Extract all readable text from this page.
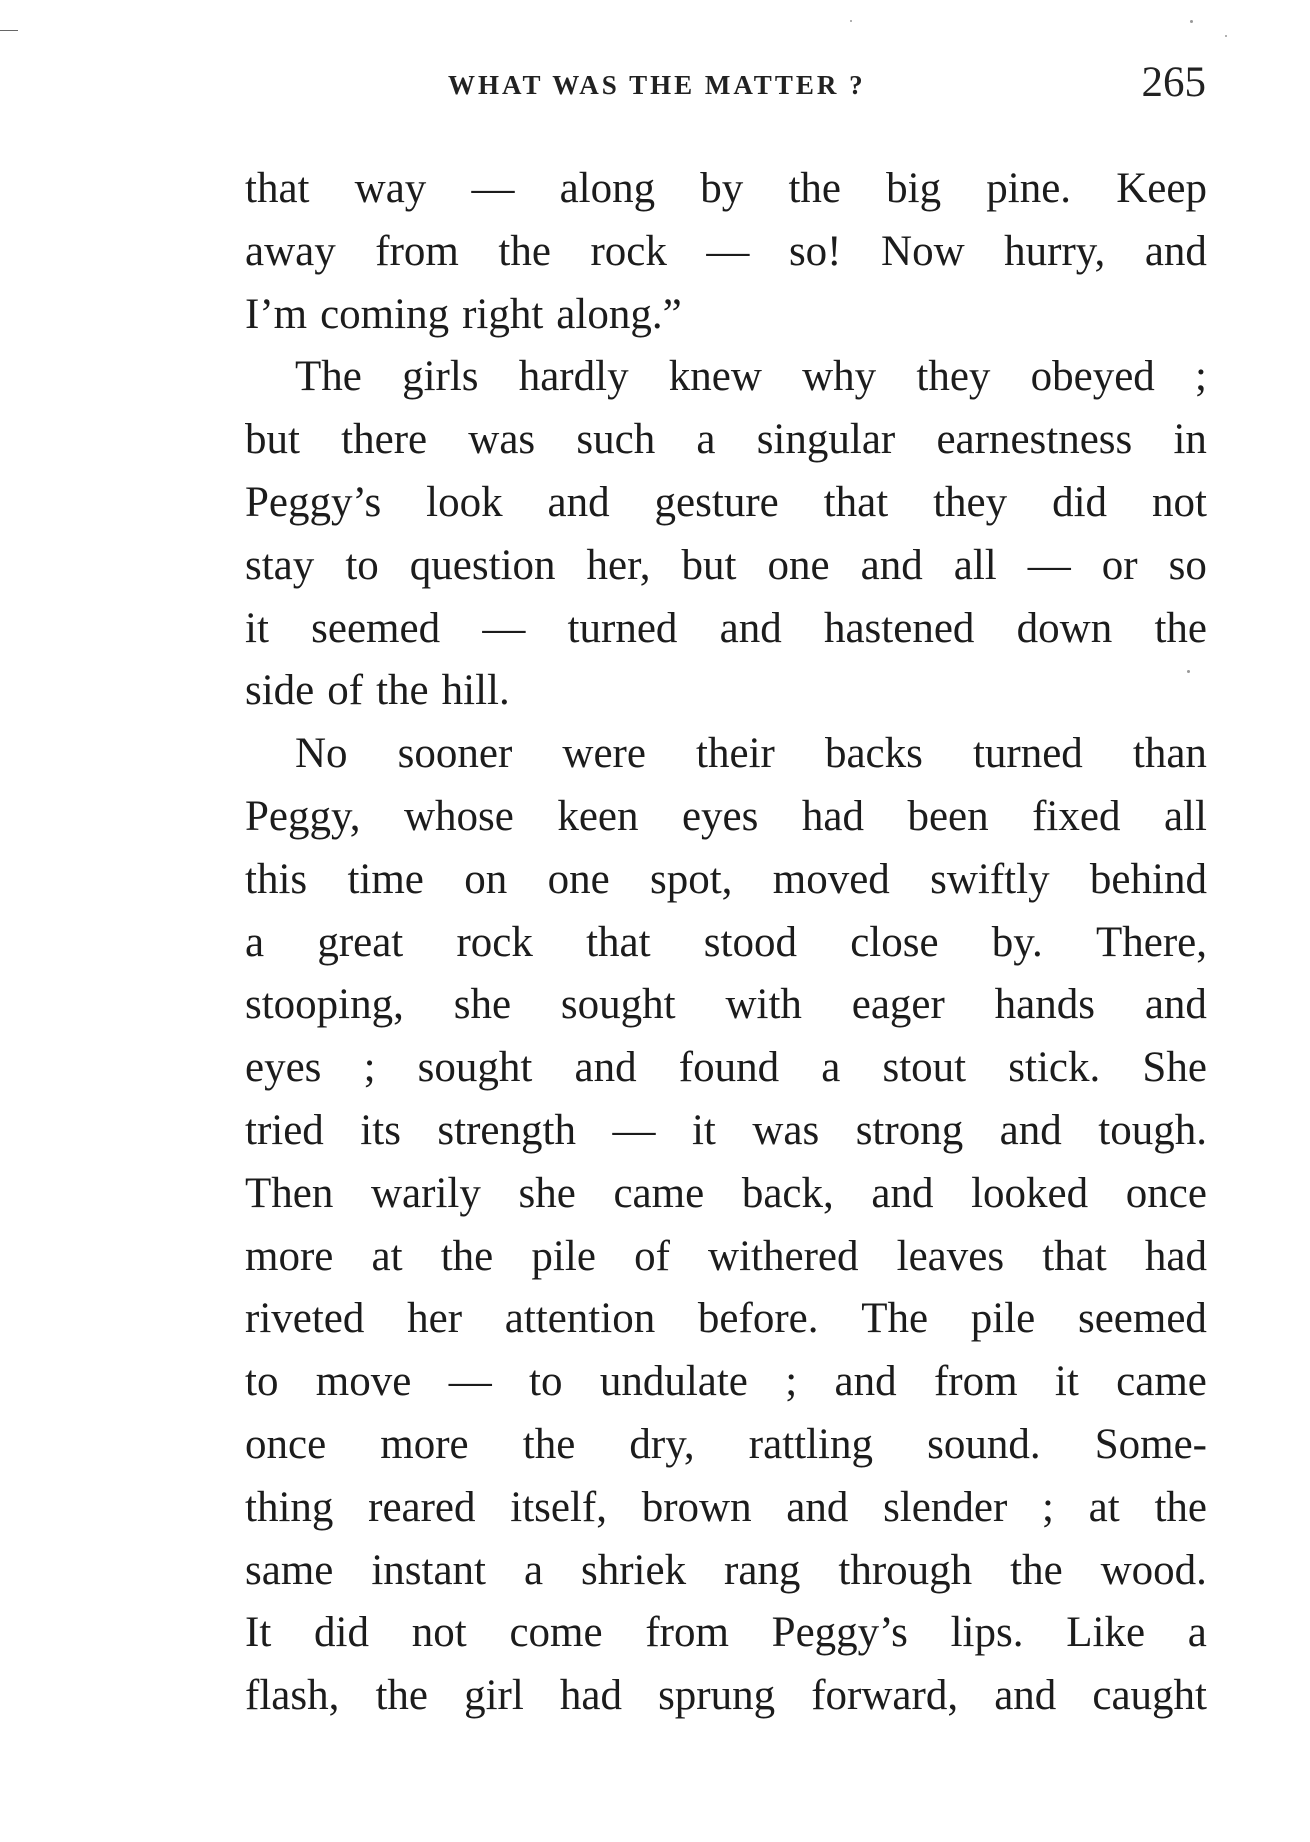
WHAT WAS THE MATTER ?	265
that way — along by the big pine. Keep
away from the rock — so! Now hurry, and
I’m coming right along.”
The girls hardly knew why they obeyed ;
but there was such a singular earnestness in
Peggy’s look and gesture that they did not
stay to question her, but one and all — or so
it seemed — turned and hastened down the
side of the hill.
No sooner were their backs turned than
Peggy, whose keen eyes had been fixed all
this time on one spot, moved swiftly behind
a great rock that stood close by. There,
stooping, she sought with eager hands and
eyes ; sought and found a stout stick. She
tried its strength — it was strong and tough.
Then warily she came back, and looked once
more at the pile of withered leaves that had
riveted her attention before. The pile seemed
to move — to undulate ; and from it came
once more the dry, rattling sound. Some-
thing reared itself, brown and slender ; at the
same instant a shriek rang through the wood.
It did not come from Peggy’s lips. Like a
flash, the girl had sprung forward, and caught
